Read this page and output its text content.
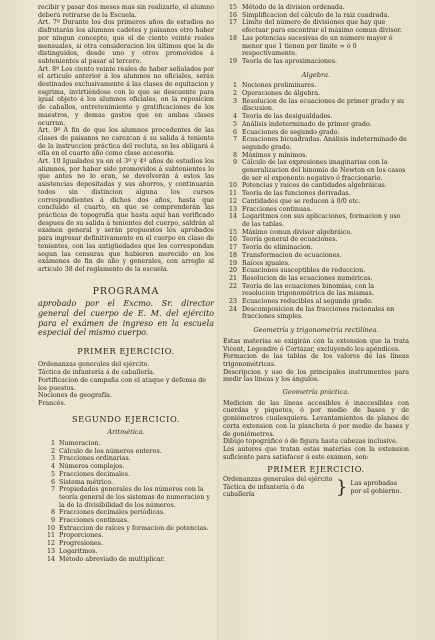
recibir y pasar dos meses mas sin realizarlo, el alumno deberá retirarse de la Escuela.

Art. 7º Durante los dos primeros años de estudios no disfrutarán los alumnos cadetes y paisanos otro haber por ningun concepto, que el de ciento veinte reales mensuales, si otra consideracion los últimos que la de distinguidos, desde uno y otros promovidos á subtenientes al pasar al tercero.

Art. 8º Los ciento veinte reales de haber señalados por el articulo anterior á los alumnos no oficiales, serán destinados exclusivamente á las clases de equitacion y esgrima, invirtiéndose con lo que se descuente para igual objeto á los alumnos oficiales, en la reposicion de caballos, entretenimiento y gratificaciones de los maestros, y demas gastos que en ambas clases ocurran.

Art. 9º Á fin de que los alumnos procedentes de las clases de paisanos no carezcan á su salida á teniente de la instruccion práctica del recluta, se les obligará á ella en el cuarto año como clase accesoria.

Art. 10 Igualados ya en el 3º y 4º años de estudios los alumnos, por haber sido promovidos á subtenientes lo que antes no lo eran, se devolverán á estos las asistencias depositadas y sus ahorros, y continuarán todos sin distincion alguna los cursos correspondientes á dichos dos años, hasta que concluido el cuarto, en que se comprenderán las prácticas de topografía que hasta aquí han verificado despues de su salida á tenientes del cuerpo, saldrán al examen general y serán propuestos los aprobados para ingresar definitivamente en el cuerpo en clase de tenientes, con las antigüedades que les correspondan segun las censuras que hubieren merecido en los exámenes de fin de año y generales, con arreglo al articulo 38 del reglamento de la escuela.

PROGRAMA

aprobado por el Excmo. Sr. director general del cuerpo de E. M. del ejército para el exámen de ingreso en la escuela especial del mismo cuerpo.

PRIMER EJERCICIO.

Ordenanzas generales del ejército.

Táctica de infantería á de caballería.

Fortificacion de campaña con el ataque y defensa de los puestos.

Nociones de geografía.

Francés.

SEGUNDO EJERCICIO.
Aritmética.
1 Numeracion.
2 Cálculo de los números enteros.
3 Fracciones ordinarias.
4 Números complejos.
5 Fracciones decimales.
6 Sistema métrico.
7 Propiedades generales de los números con la teoría general de los sistemas de numeracion y la de la divisibilidad de los números.
8 Fracciones decimales periódicas.
9 Fracciones continuas.
10 Extraccion de raíces y formacion de potencias.
11 Proporciones.
12 Progresiones.
13 Logaritmos.
14 Método abreviado de multiplicar.
15 Método de la division ordenada.
16 Simplificacion del cálculo de la raiz cuadrada.
17 Límite del número de divisiones que hay que efectuar para encontrar el máximo comun divisor.
18 Las potencias sucesivas de un número mayor ó menor que 1 tienen por límite ∞ ó 0 respectivamente.
19 Teoría de las aproximaciones.
Algebra.
1 Nociones preliminares.
2 Operaciones de álgebra.
3 Resolucion de las ecuaciones de primer grado y su discusion.
4 Teoría de las desigualdades.
5 Análisis indeterminado de primer grado.
6 Ecuaciones de segundo grado.
7 Ecuaciones bicuadradas. Análisis indeterminado de segundo grado.
8 Máximos y mínimos.
9 Cálculo de las expresiones imaginarias con la generalizacion del binomio de Newton en los casos de ser el exponente negativo ó fraccionario.
10 Potencias y raíces de cantidades algebráicas.
11 Teoría de las funciones derivadas.
12 Cantidades que se reducen á 0/0 etc.
13 Fracciones continuas.
14 Logaritmos con sus aplicaciones, formacion y uso de las tablas.
15 Máximo comun divisor algebráico.
16 Teoría general de ecuaciones.
17 Teoría de eliminacion.
18 Transformacion de ecuaciones.
19 Raíces iguales.
20 Ecuaciones susceptibles de reduccion.
21 Resolucion de las ecuaciones numéricas.
22 Teoría de las ecuaciones binomias, con la resolucion trigonométrica de las mismas.
23 Ecuaciones reducibles al segundo grado.
24 Descomposicion de las fracciones racionales en fracciones simples.
Geometría y trigonometría rectilínea.

Estas materias se exigirán con la extension que la trata Vicent, Legendre ó Cortázar, excluyendo los apéndices.

Formacion de las tablas de los valores de las líneas trigonométricas.

Descripcion y uso de los principales instrumentos para medir las líneas y los ángulos.

Geometría práctica.

Medicion de las líneas accesibles é inaccesibles con cuerdas y piquetes, ó por medio de bases y de goniómetros cualesquiera. Levantamientos de planos de corta extension con la plancheta ó por medio de bases y de goniómetros.

Dibujo topográfico ó de figura hasta cabezas inclusive.

Los autores que tratan estas materias con la extension suficiente para satisfacer á este exámen, son:

PRIMER EJERCICIO.

Ordenanzas generales del ejército

Táctica de infantería ó de caballería	} Las aprobadas por el gobierno.
